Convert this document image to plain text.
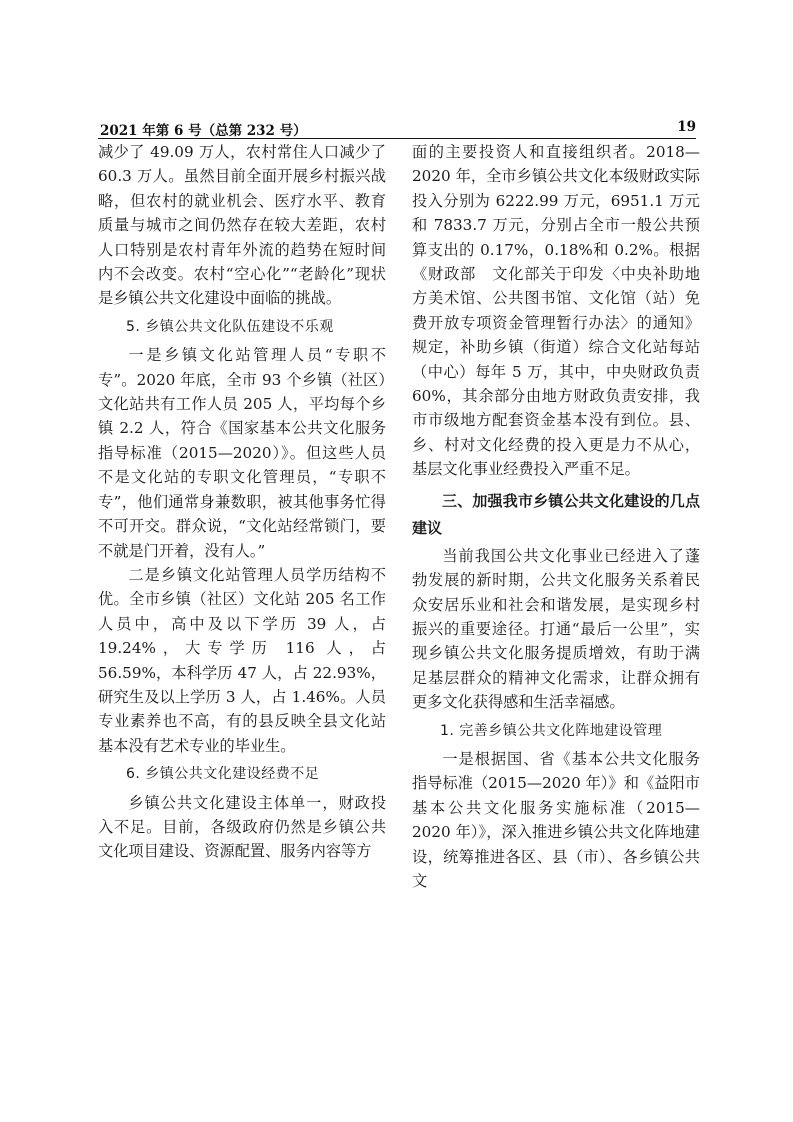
2021 年第 6 号（总第 232 号）	19

减少了 49.09 万人，农村常住人口减少了 60.3 万人。虽然目前全面开展乡村振兴战略，但农村的就业机会、医疗水平、教育质量与城市之间仍然存在较大差距，农村人口特别是农村青年外流的趋势在短时间内不会改变。农村“空心化”“老龄化”现状是乡镇公共文化建设中面临的挑战。

5. 乡镇公共文化队伍建设不乐观

一是乡镇文化站管理人员“专职不专”。2020 年底，全市 93 个乡镇（社区）文化站共有工作人员 205 人，平均每个乡镇 2.2 人，符合《国家基本公共文化服务指导标准（2015—2020）》。但这些人员不是文化站的专职文化管理员，“专职不专”，他们通常身兼数职，被其他事务忙得不可开交。群众说，“文化站经常锁门，要不就是门开着，没有人。”

二是乡镇文化站管理人员学历结构不优。全市乡镇（社区）文化站 205 名工作人员中，高中及以下学历 39 人，占 19.24%，大专学历 116 人，占 56.59%，本科学历 47 人，占 22.93%，研究生及以上学历 3 人，占 1.46%。人员专业素养也不高，有的县反映全县文化站基本没有艺术专业的毕业生。

6. 乡镇公共文化建设经费不足

乡镇公共文化建设主体单一，财政投入不足。目前，各级政府仍然是乡镇公共文化项目建设、资源配置、服务内容等方

面的主要投资人和直接组织者。2018—2020 年，全市乡镇公共文化本级财政实际投入分别为 6222.99 万元，6951.1 万元和 7833.7 万元，分别占全市一般公共预算支出的 0.17%，0.18%和 0.2%。根据《财政部　文化部关于印发〈中央补助地方美术馆、公共图书馆、文化馆（站）免费开放专项资金管理暂行办法〉的通知》规定，补助乡镇（街道）综合文化站每站（中心）每年 5 万，其中，中央财政负责 60%，其余部分由地方财政负责安排，我市市级地方配套资金基本没有到位。县、乡、村对文化经费的投入更是力不从心，基层文化事业经费投入严重不足。

三、加强我市乡镇公共文化建设的几点建议

当前我国公共文化事业已经进入了蓬勃发展的新时期，公共文化服务关系着民众安居乐业和社会和谐发展，是实现乡村振兴的重要途径。打通“最后一公里”，实现乡镇公共文化服务提质增效，有助于满足基层群众的精神文化需求，让群众拥有更多文化获得感和生活幸福感。

1. 完善乡镇公共文化阵地建设管理

一是根据国、省《基本公共文化服务指导标准（2015—2020 年）》和《益阳市基本公共文化服务实施标准（2015—2020 年）》，深入推进乡镇公共文化阵地建设，统筹推进各区、县（市）、各乡镇公共文
